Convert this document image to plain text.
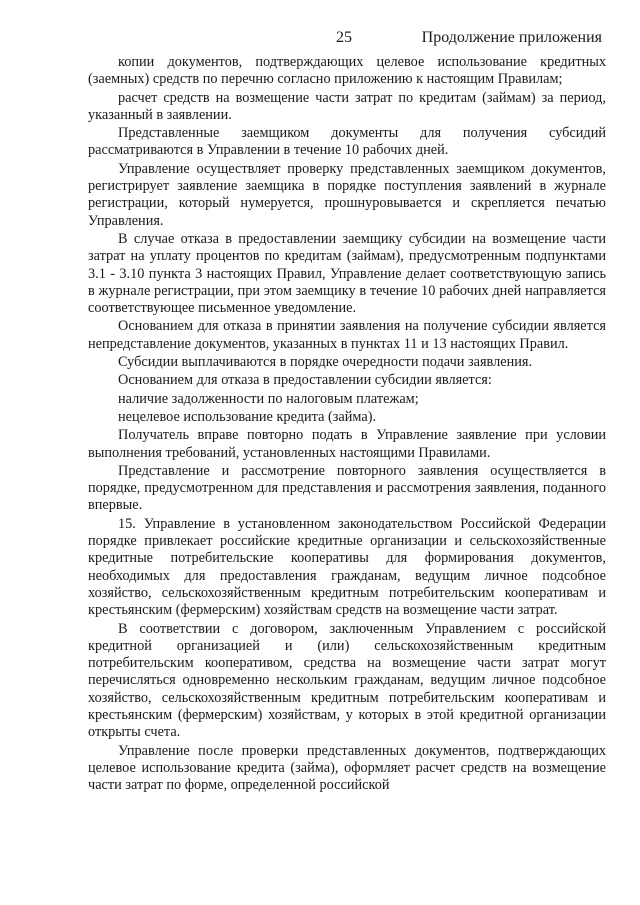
25	Продолжение приложения

копии документов, подтверждающих целевое использование кредитных (заемных) средств по перечню согласно приложению к настоящим Правилам;

расчет средств на возмещение части затрат по кредитам (займам) за период, указанный в заявлении.

Представленные заемщиком документы для получения субсидий рассматриваются в Управлении в течение 10 рабочих дней.

Управление осуществляет проверку представленных заемщиком документов, регистрирует заявление заемщика в порядке поступления заявлений в журнале регистрации, который нумеруется, прошнуровывается и скрепляется печатью Управления.

В случае отказа в предоставлении заемщику субсидии на возмещение части затрат на уплату процентов по кредитам (займам), предусмотренным подпунктами 3.1 - 3.10 пункта 3 настоящих Правил, Управление делает соответствующую запись в журнале регистрации, при этом заемщику в течение 10 рабочих дней направляется соответствующее письменное уведомление.

Основанием для отказа в принятии заявления на получение субсидии является непредставление документов, указанных в пунктах 11 и 13 настоящих Правил.

Субсидии выплачиваются в порядке очередности подачи заявления.

Основанием для отказа в предоставлении субсидии является:

наличие задолженности по налоговым платежам;

нецелевое использование кредита (займа).

Получатель вправе повторно подать в Управление заявление при условии выполнения требований, установленных настоящими Правилами.

Представление и рассмотрение повторного заявления осуществляется в порядке, предусмотренном для представления и рассмотрения заявления, поданного впервые.

15. Управление в установленном законодательством Российской Федерации порядке привлекает российские кредитные организации и сельскохозяйственные кредитные потребительские кооперативы для формирования документов, необходимых для предоставления гражданам, ведущим личное подсобное хозяйство, сельскохозяйственным кредитным потребительским кооперативам и крестьянским (фермерским) хозяйствам средств на возмещение части затрат.

В соответствии с договором, заключенным Управлением с российской кредитной организацией и (или) сельскохозяйственным кредитным потребительским кооперативом, средства на возмещение части затрат могут перечисляться одновременно нескольким гражданам, ведущим личное подсобное хозяйство, сельскохозяйственным кредитным потребительским кооперативам и крестьянским (фермерским) хозяйствам, у которых в этой кредитной организации открыты счета.

Управление после проверки представленных документов, подтверждающих целевое использование кредита (займа), оформляет расчет средств на возмещение части затрат по форме, определенной российской
